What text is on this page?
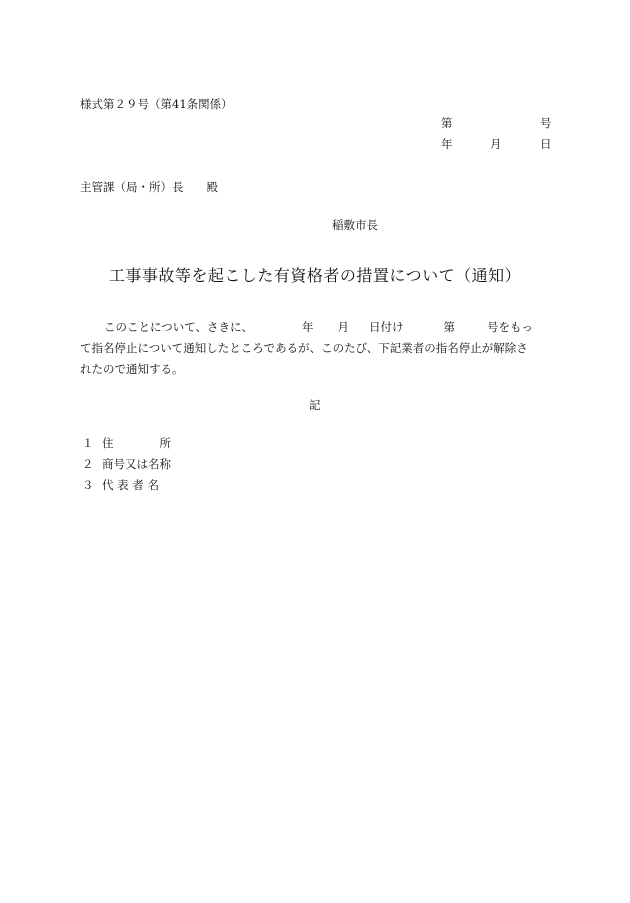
様式第２９号（第41条関係）
第	号
年	月	日
主管課（局・所）長　　殿
稲敷市長
工事事故等を起こした有資格者の措置について（通知）
このことについて、さきに、	年 月 日付け	第	号をもっ
て指名停止について通知したところであるが、このたび、下記業者の指名停止が解除さ
れたので通知する。
記
１ 住　　　　所
２ 商号又は名称
３ 代 表 者 名
